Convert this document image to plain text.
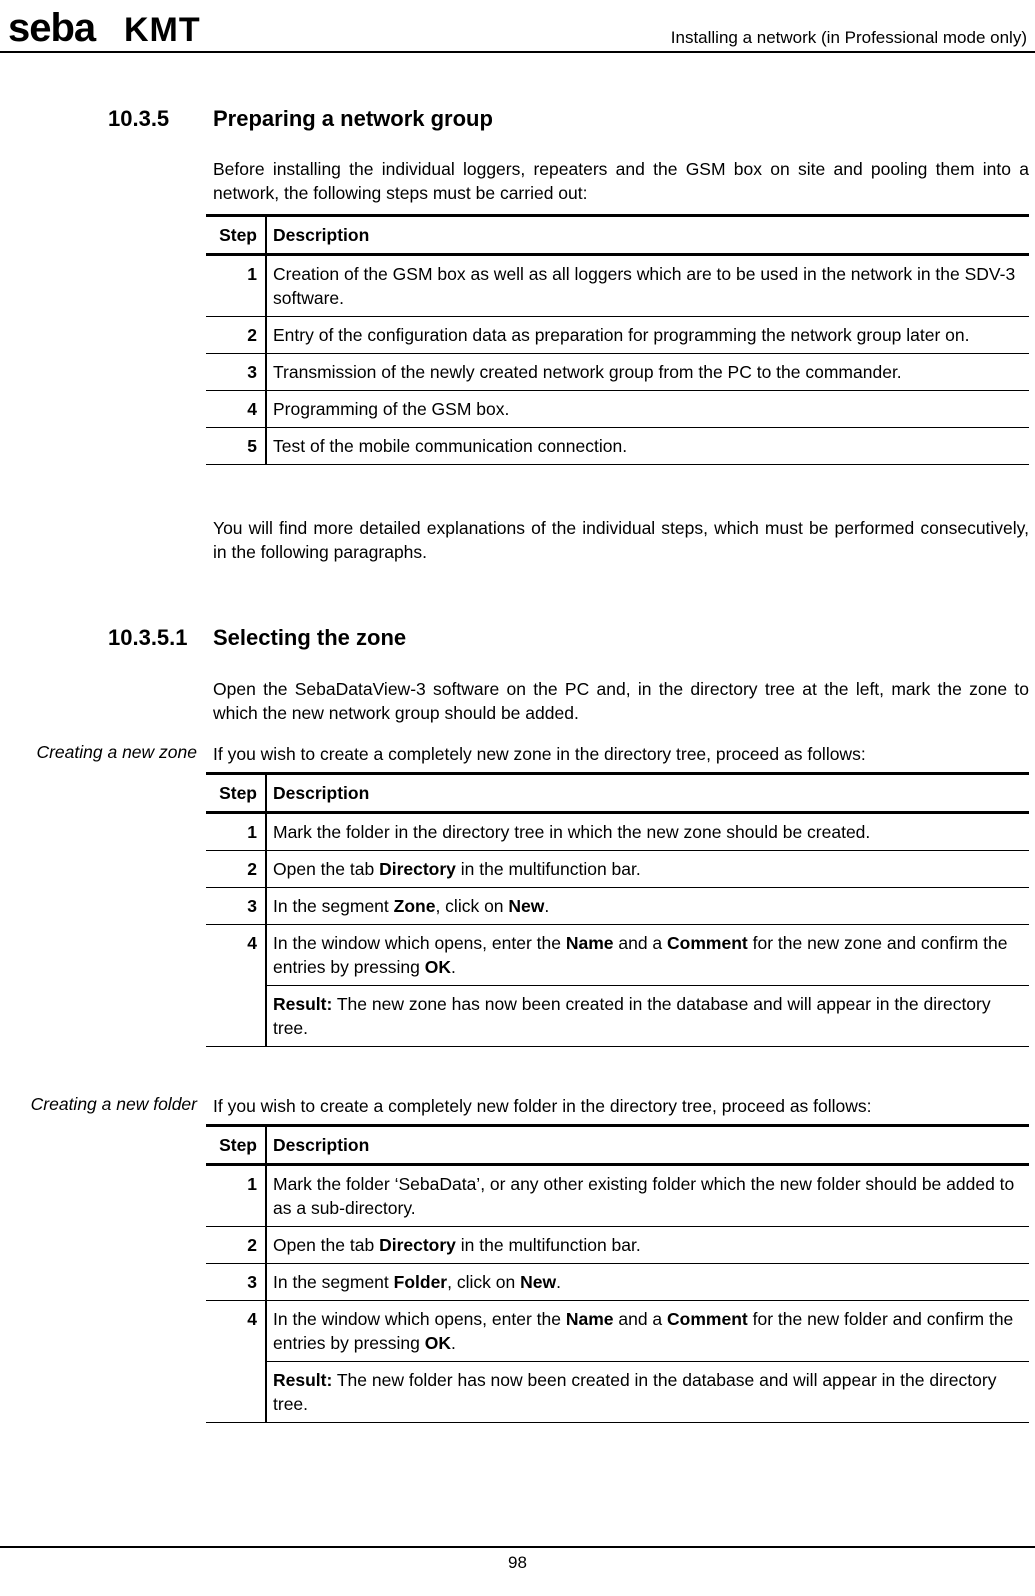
seba KMT	Installing a network (in Professional mode only)
10.3.5 Preparing a network group

Before installing the individual loggers, repeaters and the GSM box on site and pooling them into a network, the following steps must be carried out:

Step	Description
1	Creation of the GSM box as well as all loggers which are to be used in the network in the SDV-3 software.
2	Entry of the configuration data as preparation for programming the network group later on.
3	Transmission of the newly created network group from the PC to the commander.
4	Programming of the GSM box.
5	Test of the mobile communication connection.

You will find more detailed explanations of the individual steps, which must be performed consecutively, in the following paragraphs.

10.3.5.1 Selecting the zone

Open the SebaDataView-3 software on the PC and, in the directory tree at the left, mark the zone to which the new network group should be added.

Creating a new zone If you wish to create a completely new zone in the directory tree, proceed as follows:

Step	Description
1	Mark the folder in the directory tree in which the new zone should be created.
2	Open the tab Directory in the multifunction bar.
3	In the segment Zone, click on New.
4	In the window which opens, enter the Name and a Comment for the new zone and confirm the entries by pressing OK.
	Result: The new zone has now been created in the database and will appear in the directory tree.
Creating a new folder If you wish to create a completely new folder in the directory tree, proceed as follows:

Step	Description
1	Mark the folder ‘SebaData’, or any other existing folder which the new folder should be added to as a sub-directory.
2	Open the tab Directory in the multifunction bar.
3	In the segment Folder, click on New.
4	In the window which opens, enter the Name and a Comment for the new folder and confirm the entries by pressing OK.
	Result: The new folder has now been created in the database and will appear in the directory tree.
98
